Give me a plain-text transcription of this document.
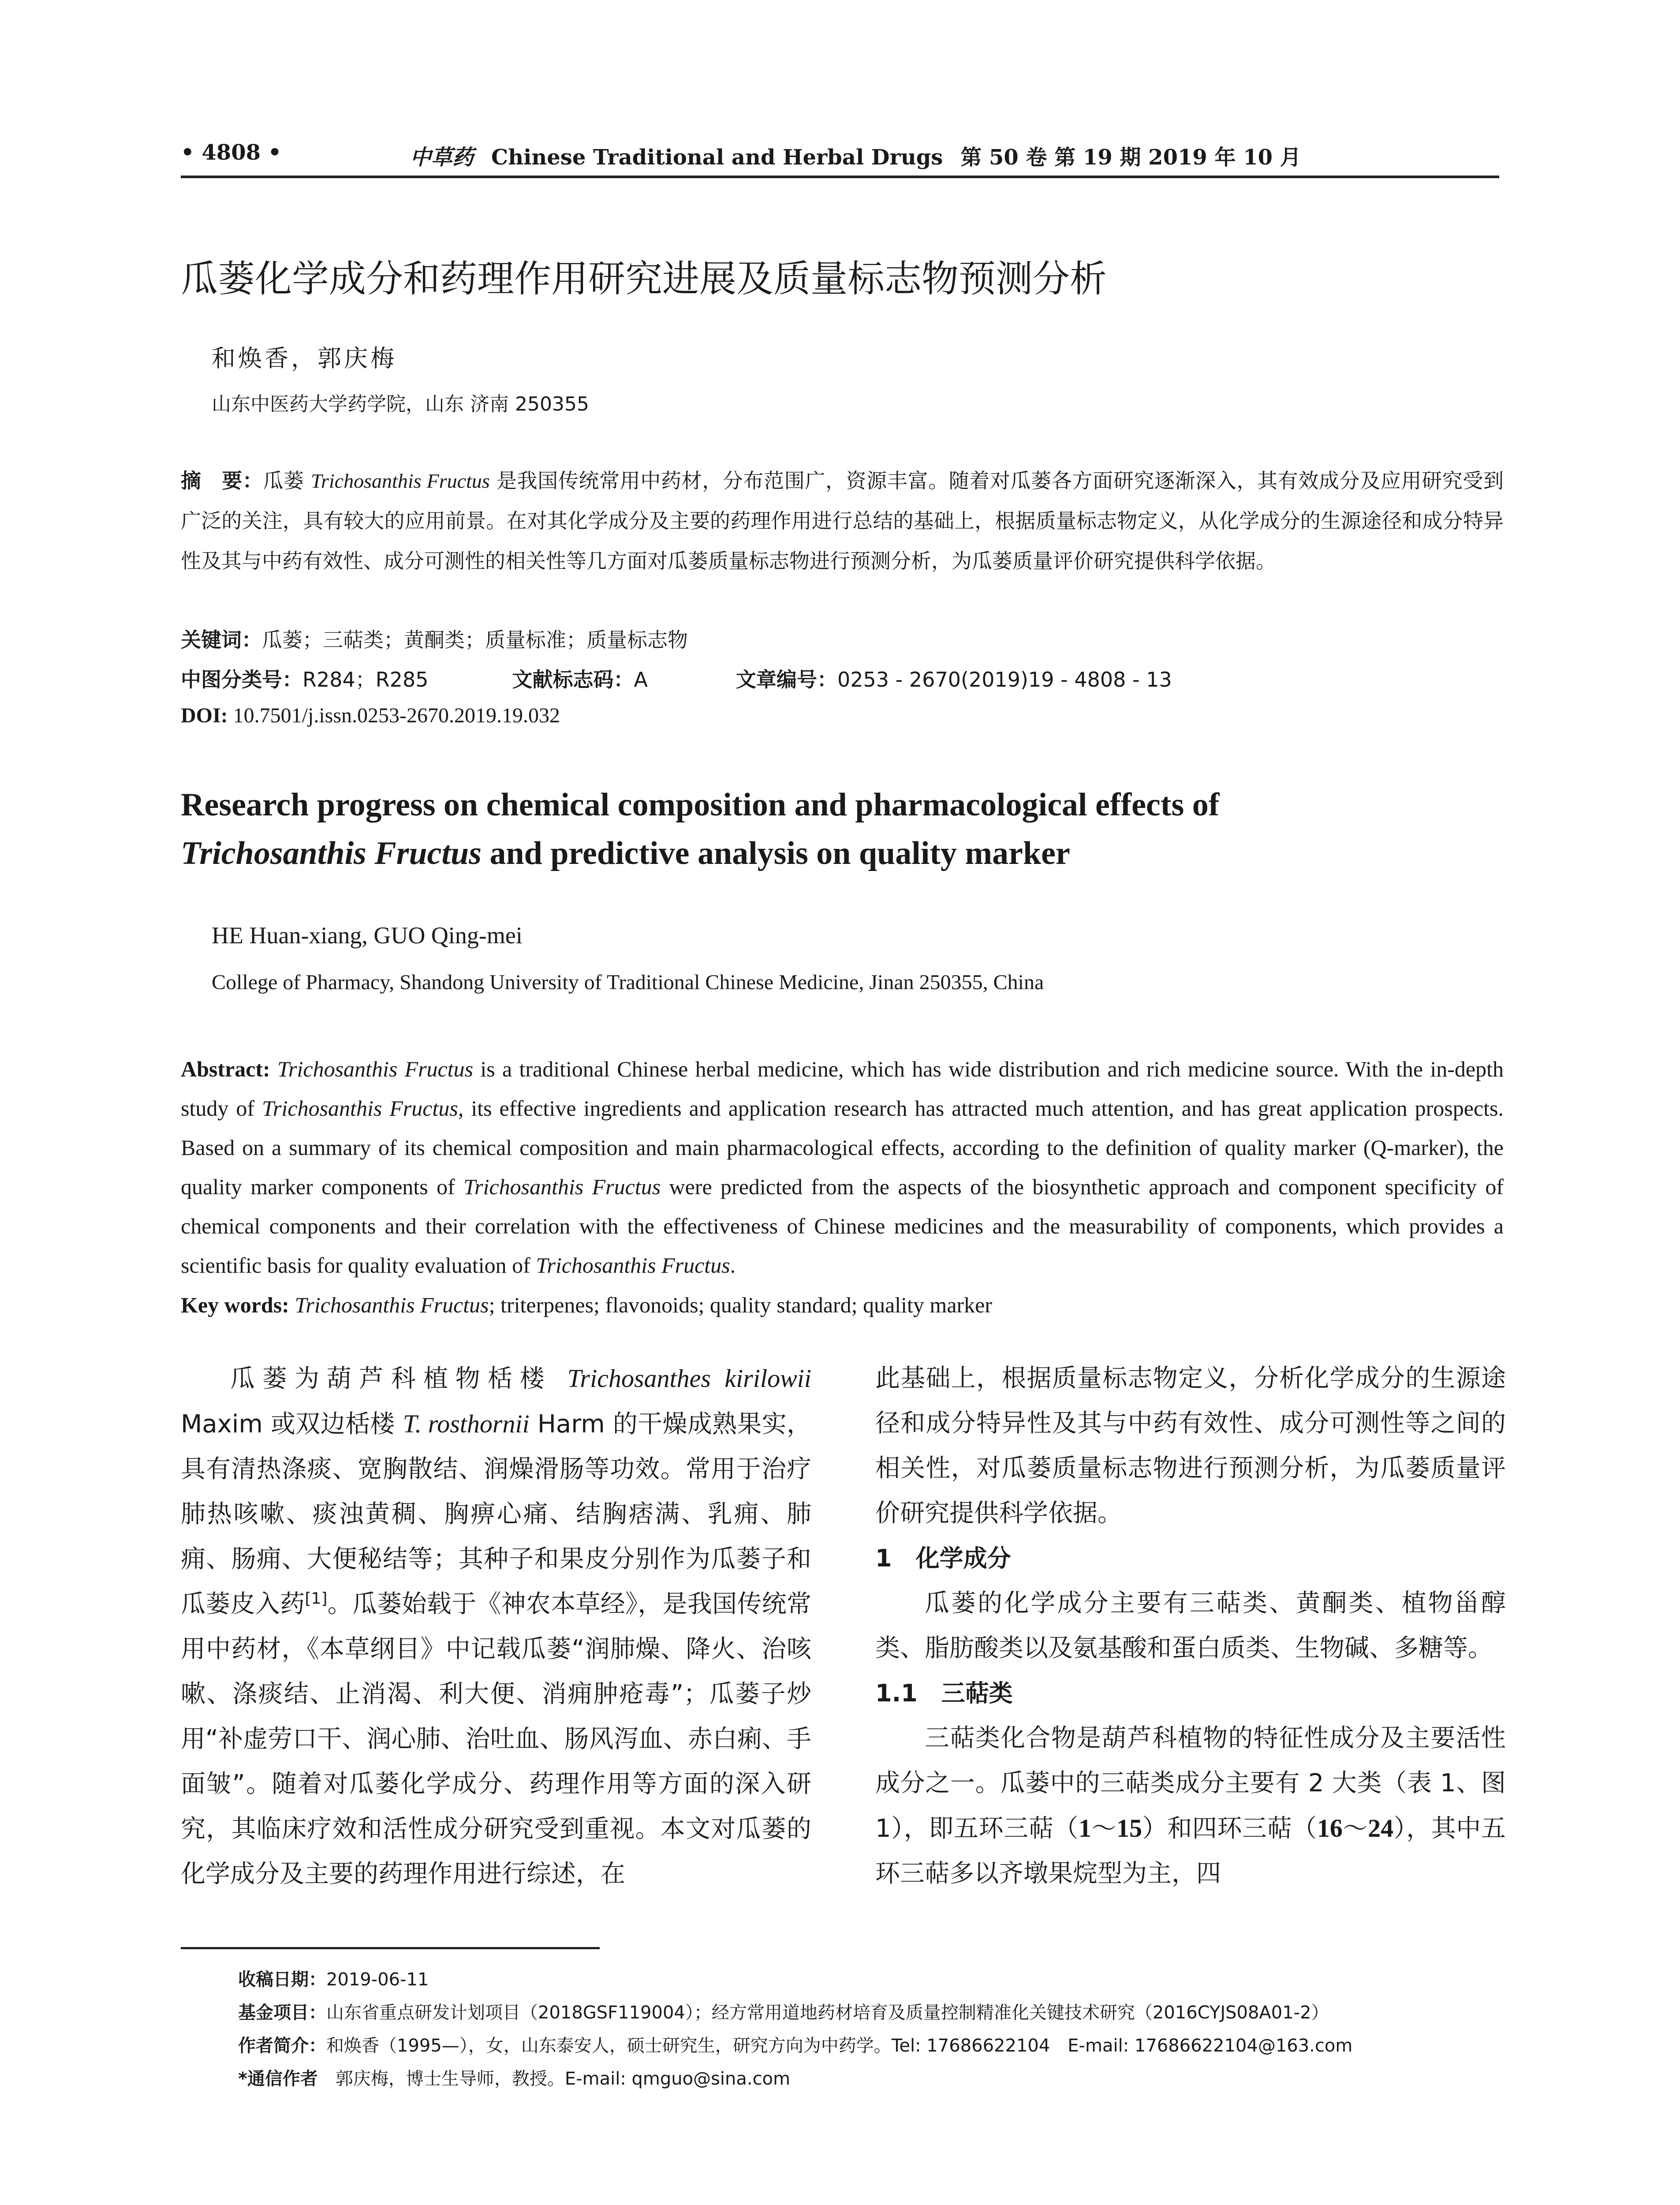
• 4808 •	中草药 Chinese Traditional and Herbal Drugs 第 50 卷 第 19 期 2019 年 10 月
瓜蒌化学成分和药理作用研究进展及质量标志物预测分析
和焕香，郭庆梅
山东中医药大学药学院，山东 济南 250355
摘　要：瓜蒌 Trichosanthis Fructus 是我国传统常用中药材，分布范围广，资源丰富。随着对瓜蒌各方面研究逐渐深入，其有效成分及应用研究受到广泛的关注，具有较大的应用前景。在对其化学成分及主要的药理作用进行总结的基础上，根据质量标志物定义，从化学成分的生源途径和成分特异性及其与中药有效性、成分可测性的相关性等几方面对瓜蒌质量标志物进行预测分析，为瓜蒌质量评价研究提供科学依据。
关键词：瓜蒌；三萜类；黄酮类；质量标准；质量标志物
中图分类号：R284；R285	文献标志码：A	文章编号：0253 - 2670(2019)19 - 4808 - 13
DOI: 10.7501/j.issn.0253-2670.2019.19.032
Research progress on chemical composition and pharmacological effects of
Trichosanthis Fructus and predictive analysis on quality marker
HE Huan-xiang, GUO Qing-mei
College of Pharmacy, Shandong University of Traditional Chinese Medicine, Jinan 250355, China
Abstract: Trichosanthis Fructus is a traditional Chinese herbal medicine, which has wide distribution and rich medicine source. With the in-depth study of Trichosanthis Fructus, its effective ingredients and application research has attracted much attention, and has great application prospects. Based on a summary of its chemical composition and main pharmacological effects, according to the definition of quality marker (Q-marker), the quality marker components of Trichosanthis Fructus were predicted from the aspects of the biosynthetic approach and component specificity of chemical components and their correlation with the effectiveness of Chinese medicines and the measurability of components, which provides a scientific basis for quality evaluation of Trichosanthis Fructus.
Key words: Trichosanthis Fructus; triterpenes; flavonoids; quality standard; quality marker

瓜蒌为葫芦科植物栝楼 Trichosanthes kirilowii Maxim 或双边栝楼 T. rosthornii Harm 的干燥成熟果实，具有清热涤痰、宽胸散结、润燥滑肠等功效。常用于治疗肺热咳嗽、痰浊黄稠、胸痹心痛、结胸痞满、乳痈、肺痈、肠痈、大便秘结等；其种子和果皮分别作为瓜蒌子和瓜蒌皮入药[1]。瓜蒌始载于《神农本草经》，是我国传统常用中药材，《本草纲目》中记载瓜蒌“润肺燥、降火、治咳嗽、涤痰结、止消渴、利大便、消痈肿疮毒”；瓜蒌子炒用“补虚劳口干、润心肺、治吐血、肠风泻血、赤白痢、手面皱”。随着对瓜蒌化学成分、药理作用等方面的深入研究，其临床疗效和活性成分研究受到重视。本文对瓜蒌的化学成分及主要的药理作用进行综述，在

此基础上，根据质量标志物定义，分析化学成分的生源途径和成分特异性及其与中药有效性、成分可测性等之间的相关性，对瓜蒌质量标志物进行预测分析，为瓜蒌质量评价研究提供科学依据。

1　化学成分

瓜蒌的化学成分主要有三萜类、黄酮类、植物甾醇类、脂肪酸类以及氨基酸和蛋白质类、生物碱、多糖等。

1.1　三萜类

三萜类化合物是葫芦科植物的特征性成分及主要活性成分之一。瓜蒌中的三萜类成分主要有 2 大类（表 1、图 1），即五环三萜（1～15）和四环三萜（16～24），其中五环三萜多以齐墩果烷型为主，四

收稿日期：2019-06-11
基金项目：山东省重点研发计划项目（2018GSF119004）；经方常用道地药材培育及质量控制精准化关键技术研究（2016CYJS08A01-2）
作者简介：和焕香（1995—），女，山东泰安人，硕士研究生，研究方向为中药学。Tel: 17686622104　E-mail: 17686622104@163.com
*通信作者　 郭庆梅，博士生导师，教授。E-mail: qmguo@sina.com
